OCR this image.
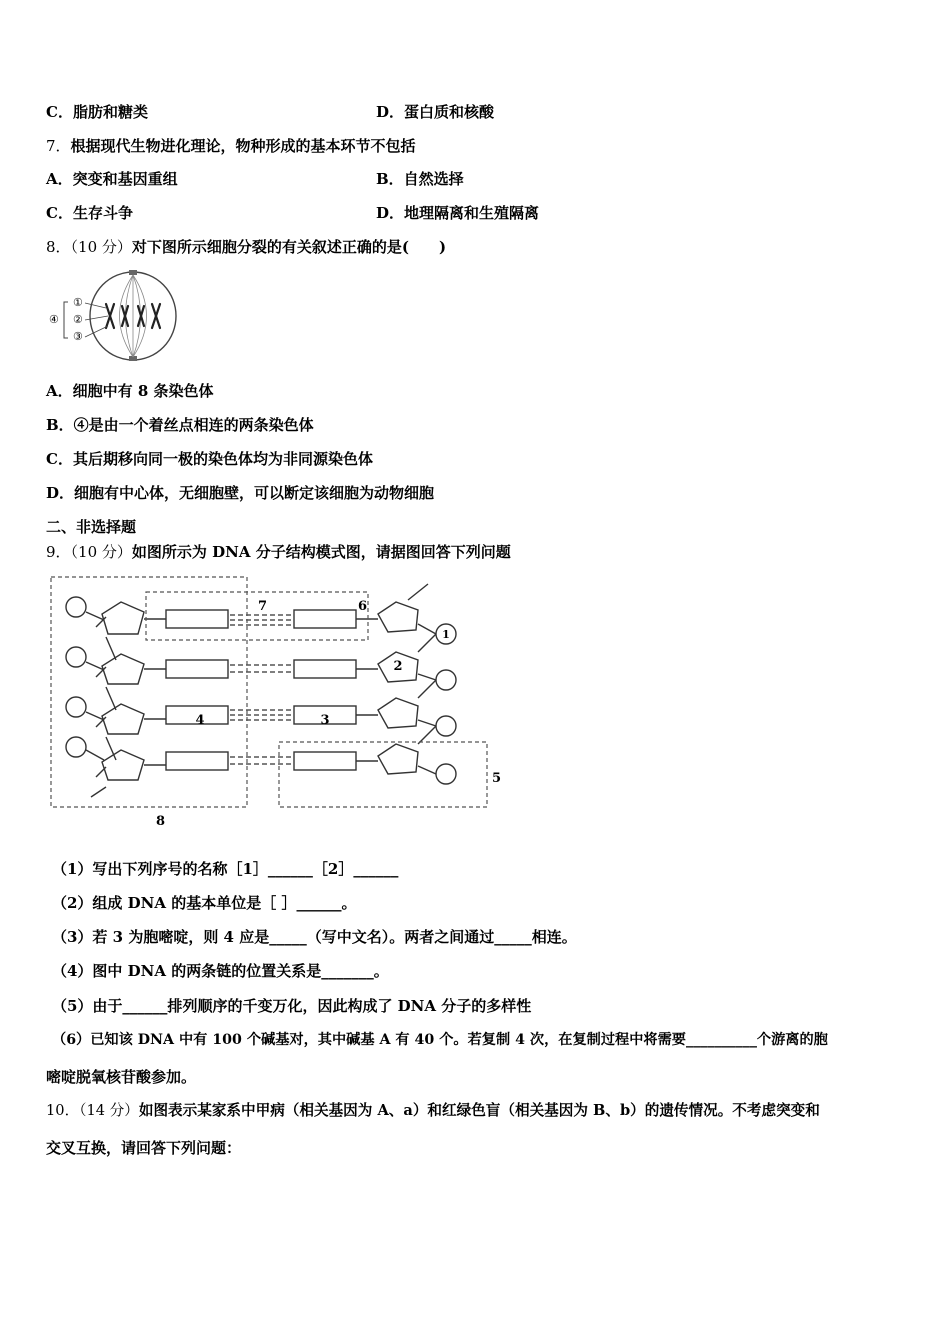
C．脂肪和糖类	D．蛋白质和核酸
7．根据现代生物进化理论，物种形成的基本环节不包括
A．突变和基因重组	B．自然选择
C．生存斗争	D．地理隔离和生殖隔离
8．（10 分）对下图所示细胞分裂的有关叙述正确的是(　　)
①
②
③
④
A．细胞中有 8 条染色体
B．④是由一个着丝点相连的两条染色体
C．其后期移向同一极的染色体均为非同源染色体
D．细胞有中心体，无细胞壁，可以断定该细胞为动物细胞
二、非选择题
9．（10 分）如图所示为 DNA 分子结构模式图，请据图回答下列问题
4	3
2
1
7	6
5
8
（1）写出下列序号的名称［1］______［2］______
（2）组成 DNA 的基本单位是［ ］______。
（3）若 3 为胞嘧啶，则 4 应是_____（写中文名）。两者之间通过_____相连。
（4）图中 DNA 的两条链的位置关系是_______。
（5）由于______排列顺序的千变万化，因此构成了 DNA 分子的多样性
（6）已知该 DNA 中有 100 个碱基对，其中碱基 A 有 40 个。若复制 4 次，在复制过程中将需要__________个游离的胞
嘧啶脱氧核苷酸参加。
10．（14 分）如图表示某家系中甲病（相关基因为 A、a）和红绿色盲（相关基因为 B、b）的遗传情况。不考虑突变和
交叉互换，请回答下列问题：
